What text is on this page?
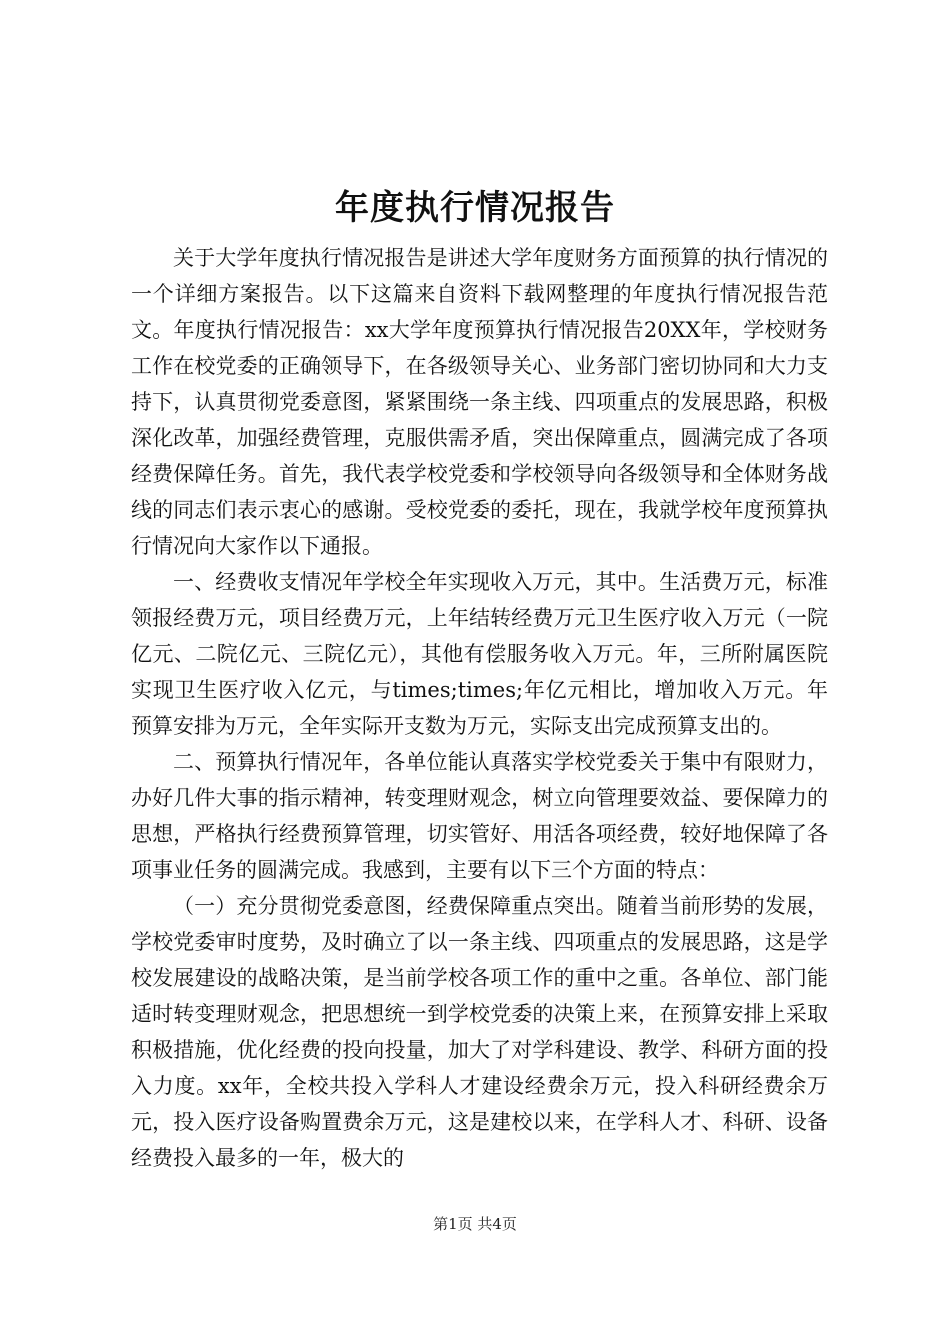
年度执行情况报告

关于大学年度执行情况报告是讲述大学年度财务方面预算的执行情况的一个详细方案报告。以下这篇来自资料下载网整理的年度执行情况报告范文。年度执行情况报告：xx大学年度预算执行情况报告20XX年，学校财务工作在校党委的正确领导下，在各级领导关心、业务部门密切协同和大力支持下，认真贯彻党委意图，紧紧围绕一条主线、四项重点的发展思路，积极深化改革，加强经费管理，克服供需矛盾，突出保障重点，圆满完成了各项经费保障任务。首先，我代表学校党委和学校领导向各级领导和全体财务战线的同志们表示衷心的感谢。受校党委的委托，现在，我就学校年度预算执行情况向大家作以下通报。

一、经费收支情况年学校全年实现收入万元，其中。生活费万元，标准领报经费万元，项目经费万元，上年结转经费万元卫生医疗收入万元（一院亿元、二院亿元、三院亿元），其他有偿服务收入万元。年，三所附属医院实现卫生医疗收入亿元，与times;times;年亿元相比，增加收入万元。年预算安排为万元，全年实际开支数为万元，实际支出完成预算支出的。

二、预算执行情况年，各单位能认真落实学校党委关于集中有限财力，办好几件大事的指示精神，转变理财观念，树立向管理要效益、要保障力的思想，严格执行经费预算管理，切实管好、用活各项经费，较好地保障了各项事业任务的圆满完成。我感到，主要有以下三个方面的特点：

（一）充分贯彻党委意图，经费保障重点突出。随着当前形势的发展，学校党委审时度势，及时确立了以一条主线、四项重点的发展思路，这是学校发展建设的战略决策，是当前学校各项工作的重中之重。各单位、部门能适时转变理财观念，把思想统一到学校党委的决策上来，在预算安排上采取积极措施，优化经费的投向投量，加大了对学科建设、教学、科研方面的投入力度。xx年，全校共投入学科人才建设经费余万元，投入科研经费余万元，投入医疗设备购置费余万元，这是建校以来，在学科人才、科研、设备经费投入最多的一年，极大的

第1页 共4页
